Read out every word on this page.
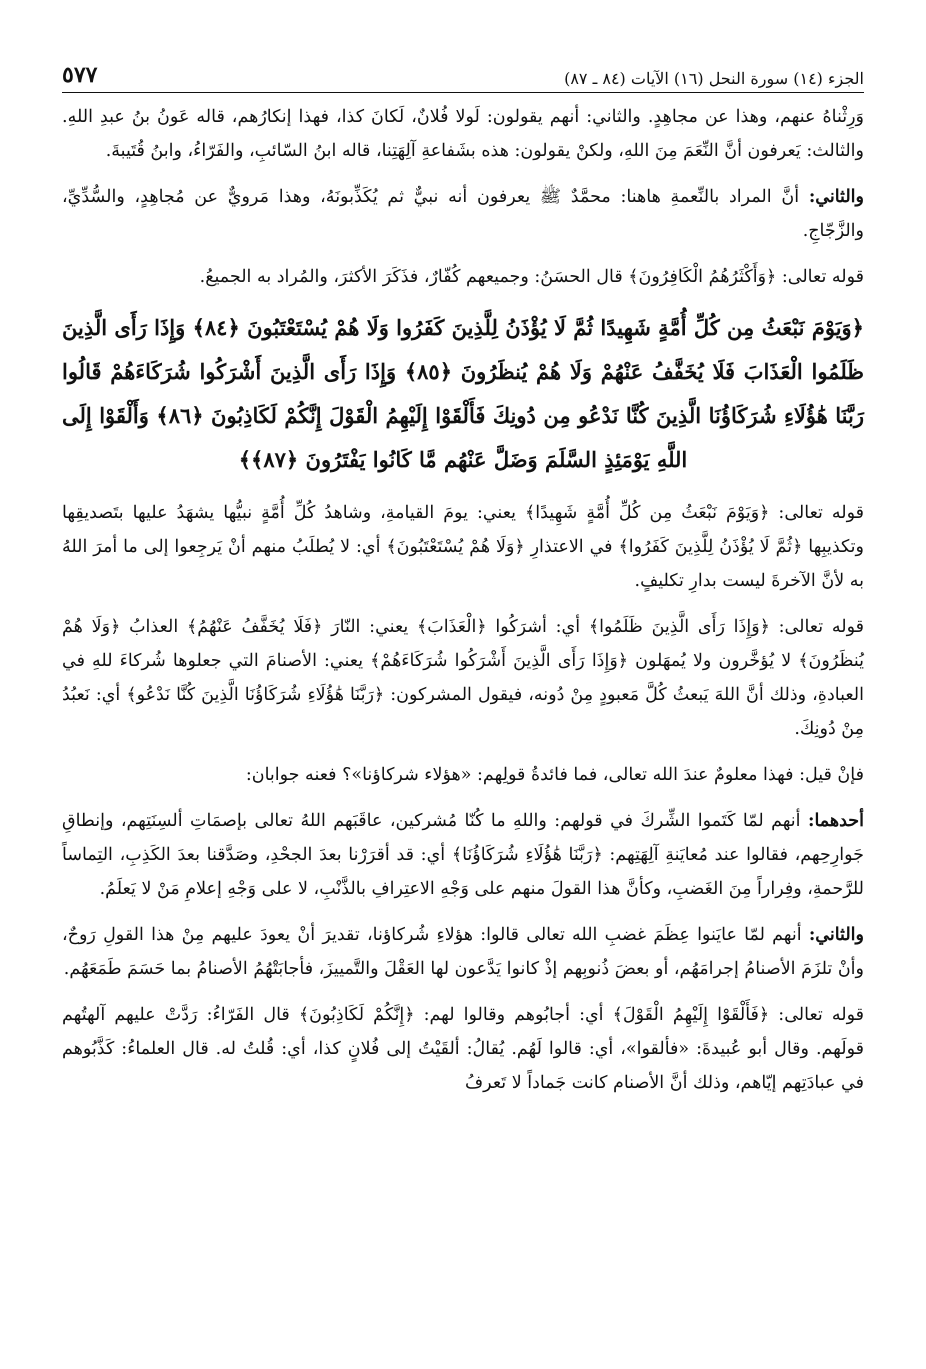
الجزء (١٤) سورة النحل (١٦) الآيات (٨٤ ـ ٨٧)
٥٧٧

وَرِثْناهُ عنهم، وهذا عن مجاهِدٍ. والثاني: أنهم يقولون: لَولا فُلانٌ، لَكانَ كذا، فهذا إنكارُهم، قاله عَونُ بنُ عبدِ اللهِ. والثالث: يَعرفون أنَّ النِّعَمَ مِنَ اللهِ، ولكنْ يقولون: هذه بشَفاعةِ آلِهَتِنا، قاله ابنُ السّائبِ، والفَرّاءُ، وابنُ قُتَيبةَ.

والثاني: أنَّ المراد بالنِّعمةِ هاهنا: محمَّدٌ ﷺ يعرفون أنه نبيٌّ ثم يُكَذِّبونَهُ، وهذا مَرويٌّ عن مُجاهِدٍ، والسُّدِّيِّ، والزَّجّاجِ.

قوله تعالى: ﴿وَأَكْثَرُهُمُ الْكَافِرُونَ﴾ قال الحسَنُ: وجميعهم كُفّارٌ، فذَكَرَ الأكثرَ، والمُراد به الجميعُ.

﴿وَيَوْمَ نَبْعَثُ مِن كُلِّ أُمَّةٍ شَهِيدًا ثُمَّ لَا يُؤْذَنُ لِلَّذِينَ كَفَرُوا وَلَا هُمْ يُسْتَعْتَبُونَ ﴿٨٤﴾ وَإِذَا رَأَى الَّذِينَ ظَلَمُوا الْعَذَابَ فَلَا يُخَفَّفُ عَنْهُمْ وَلَا هُمْ يُنظَرُونَ ﴿٨٥﴾ وَإِذَا رَأَى الَّذِينَ أَشْرَكُوا شُرَكَاءَهُمْ قَالُوا رَبَّنَا هَٰؤُلَاءِ شُرَكَاؤُنَا الَّذِينَ كُنَّا نَدْعُو مِن دُونِكَ فَأَلْقَوْا إِلَيْهِمُ الْقَوْلَ إِنَّكُمْ لَكَاذِبُونَ ﴿٨٦﴾ وَأَلْقَوْا إِلَى اللَّهِ يَوْمَئِذٍ السَّلَمَ وَضَلَّ عَنْهُم مَّا كَانُوا يَفْتَرُونَ ﴿٨٧﴾﴾

قوله تعالى: ﴿وَيَوْمَ نَبْعَثُ مِن كُلِّ أُمَّةٍ شَهِيدًا﴾ يعني: يومَ القيامةِ، وشاهدُ كُلِّ أُمَّةٍ نبيُّها يشهَدُ عليها بتَصديقِها وتكذيبِها ﴿ثُمَّ لَا يُؤْذَنُ لِلَّذِينَ كَفَرُوا﴾ في الاعتذارِ ﴿وَلَا هُمْ يُسْتَعْتَبُونَ﴾ أي: لا يُطلَبُ منهم أنْ يَرجِعوا إلى ما أمرَ اللهُ به لأنَّ الآخرةَ ليست بدارِ تكليفٍ.

قوله تعالى: ﴿وَإِذَا رَأَى الَّذِينَ ظَلَمُوا﴾ أي: أشرَكُوا ﴿الْعَذَابَ﴾ يعني: النّارَ ﴿فَلَا يُخَفَّفُ عَنْهُمُ﴾ العذابُ ﴿وَلَا هُمْ يُنظَرُونَ﴾ لا يُؤخَّرون ولا يُمهَلون ﴿وَإِذَا رَأَى الَّذِينَ أَشْرَكُوا شُرَكَاءَهُمْ﴾ يعني: الأصنامَ التي جعلوها شُركاءَ للهِ في العبادةِ، وذلك أنَّ اللهَ يَبعثُ كُلَّ مَعبودٍ مِنْ دُونه، فيقول المشركون: ﴿رَبَّنَا هَٰؤُلَاءِ شُرَكَاؤُنَا الَّذِينَ كُنَّا نَدْعُو﴾ أي: نَعبُدُ مِنْ دُونِكَ.

فإنْ قيل: فهذا معلومٌ عندَ الله تعالى، فما فائدةُ قولِهم: «هؤلاء شركاؤنا»؟ فعنه جوابان:

أحدهما: أنهم لمّا كَتَموا الشِّركَ في قولهم: واللهِ ما كُنّا مُشركين، عاقَبَهم اللهُ تعالى بإصمَاتِ ألسِنَتِهم، وإنطاقِ جَوارِحِهم، فقالوا عند مُعايَنةِ آلِهَتِهم: ﴿رَبَّنَا هَٰؤُلَاءِ شُرَكَاؤُنَا﴾ أي: قد أقرَرْنا بعدَ الجحْدِ، وصَدَّقنا بعدَ الكَذِبِ، التِماساً للرَّحمةِ، وفِراراً مِنَ الغَضبِ، وكأنَّ هذا القولَ منهم على وَجْهِ الاعتِرافِ بالذَّنْبِ، لا على وَجْهِ إعلامِ مَنْ لا يَعلَمُ.

والثاني: أنهم لمّا عايَنوا عِظَمَ غضبِ الله تعالى قالوا: هؤلاءِ شُركاؤنا، تقديرَ أنْ يعودَ عليهم مِنْ هذا القولِ رَوحٌ، وأنْ تلزَمَ الأصنامُ إجرامَهُم، أو بعضَ ذُنوبِهم إذْ كانوا يَدَّعون لها العَقْلَ والتَّمييزَ، فأجابَتْهُمُ الأصنامُ بما حَسَمَ طَمَعَهُم.

قوله تعالى: ﴿فَأَلْقَوْا إِلَيْهِمُ الْقَوْلَ﴾ أي: أجابُوهم وقالوا لهم: ﴿إِنَّكُمْ لَكَاذِبُونَ﴾ قال الفَرّاءُ: رَدَّتْ عليهم آلهتُهم قولَهم. وقال أبو عُبيدةَ: «فألقوا»، أي: قالوا لَهُم. يُقالُ: ألقَيْتُ إلى فُلانٍ كذا، أي: قُلتُ له. قال العلماءُ: كَذَّبُوهم في عبادَتِهم إيّاهم، وذلك أنَّ الأصنام كانت جَماداً لا تَعرفُ
